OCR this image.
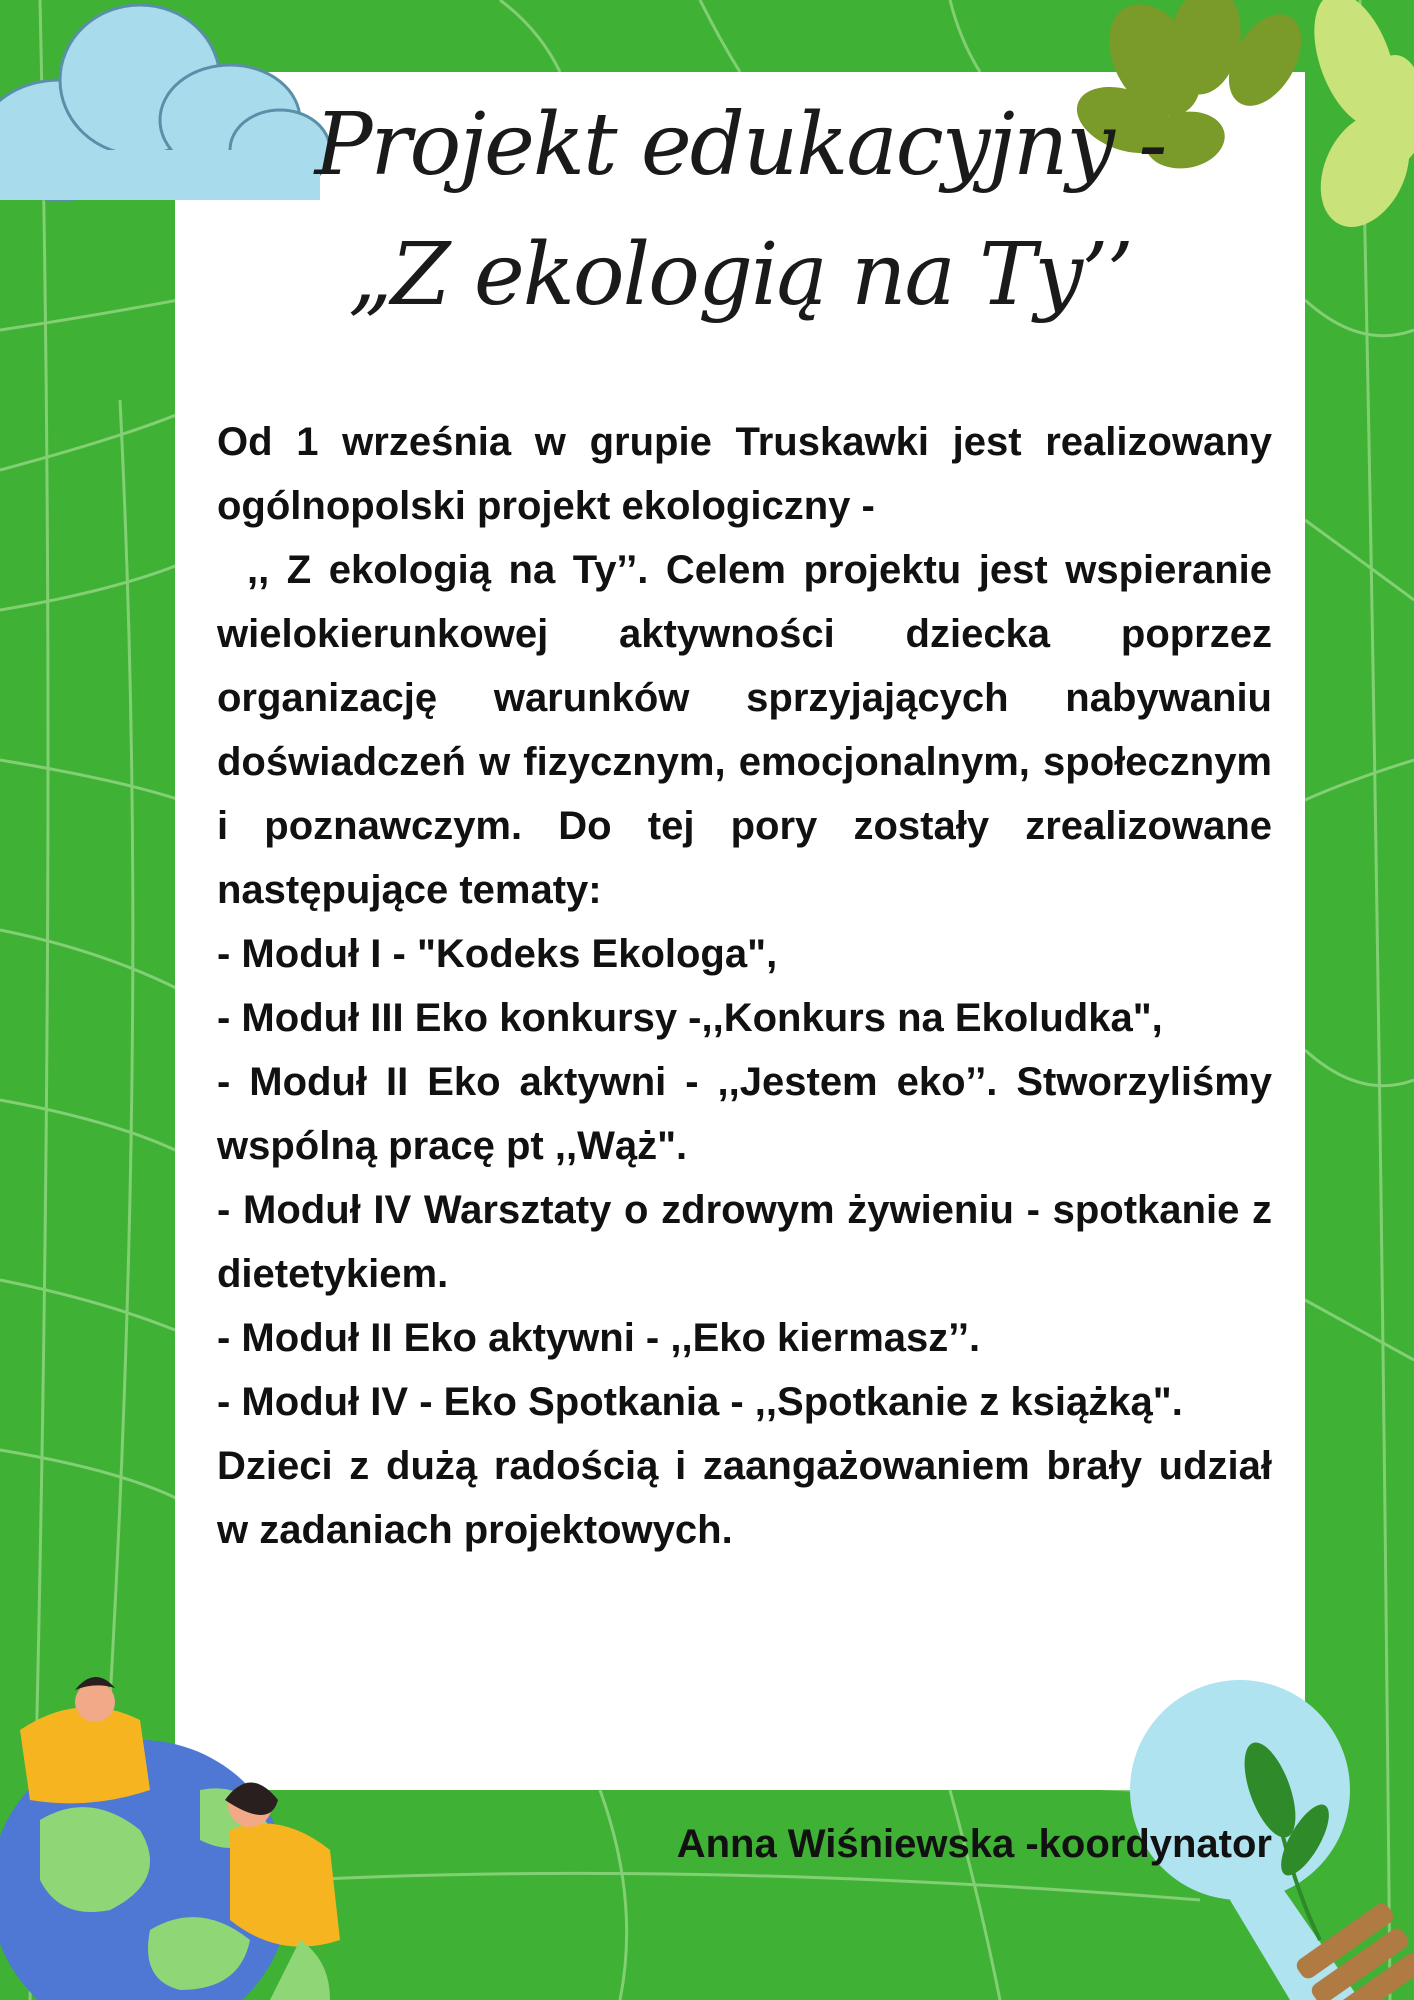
Projekt edukacyjny -
„Z ekologią na Ty’’

Od 1 września w grupie Truskawki jest realizowany ogólnopolski projekt ekologiczny -
,, Z ekologią na Ty’’. Celem projektu jest wspieranie wielokierunkowej aktywności dziecka poprzez organizację warunków sprzyjających nabywaniu doświadczeń w fizycznym, emocjonalnym, społecznym i poznawczym. Do tej pory zostały zrealizowane następujące tematy:

- Moduł I - "Kodeks Ekologa",

- Moduł III Eko konkursy -,,Konkurs na Ekoludka",

- Moduł II Eko aktywni - ,,Jestem eko’’. Stworzyliśmy wspólną pracę pt ,,Wąż".

- Moduł IV Warsztaty o zdrowym żywieniu - spotkanie z dietetykiem.

- Moduł II Eko aktywni - ,,Eko kiermasz’’.

- Moduł IV - Eko Spotkania - ,,Spotkanie z książką".

Dzieci z dużą radością i zaangażowaniem brały udział w zadaniach projektowych.

Anna Wiśniewska -koordynator
